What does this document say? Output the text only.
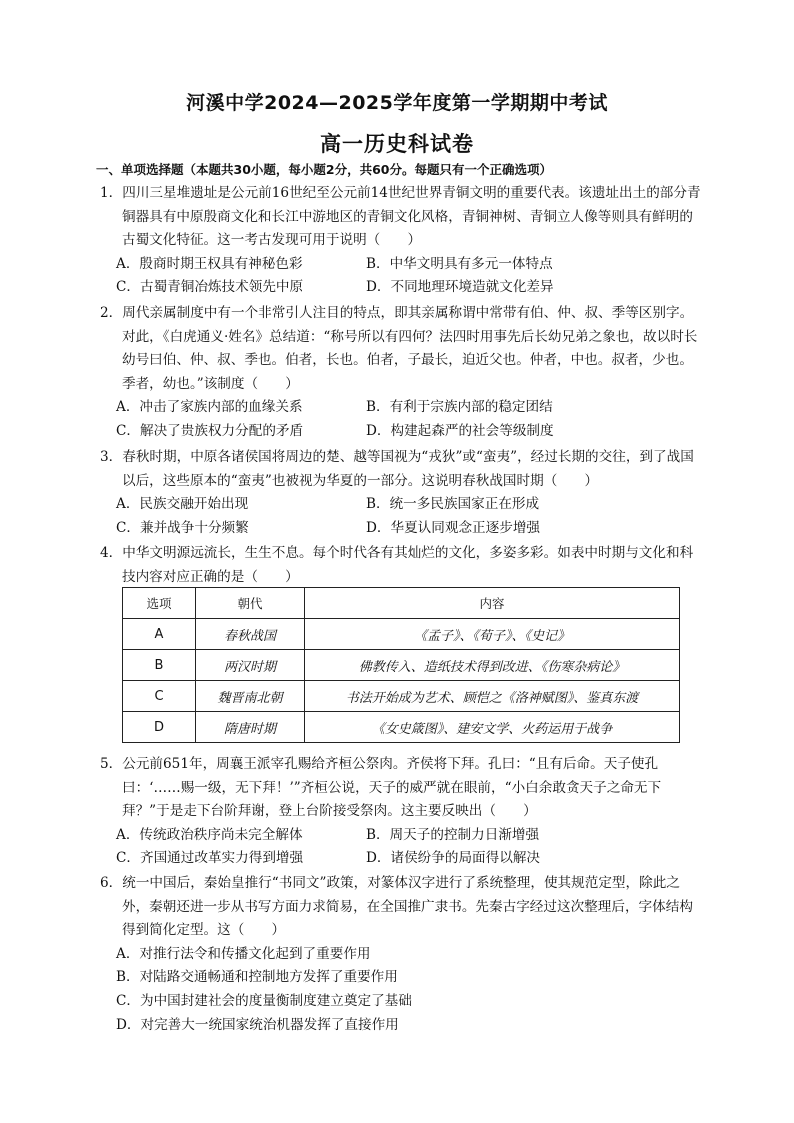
河溪中学2024—2025学年度第一学期期中考试
高一历史科试卷
一、单项选择题（本题共30小题，每小题2分，共60分。每题只有一个正确选项）

1．四川三星堆遗址是公元前16世纪至公元前14世纪世界青铜文明的重要代表。该遗址出土的部分青铜器具有中原殷商文化和长江中游地区的青铜文化风格，青铜神树、青铜立人像等则具有鲜明的古蜀文化特征。这一考古发现可用于说明（　　）

A．殷商时期王权具有神秘色彩	B．中华文明具有多元一体特点
C．古蜀青铜冶炼技术领先中原	D．不同地理环境造就文化差异

2．周代亲属制度中有一个非常引人注目的特点，即其亲属称谓中常带有伯、仲、叔、季等区别字。对此，《白虎通义·姓名》总结道：“称号所以有四何？法四时用事先后长幼兄弟之象也，故以时长幼号曰伯、仲、叔、季也。伯者，长也。伯者，子最长，迫近父也。仲者，中也。叔者，少也。季者，幼也。”该制度（　　）

A．冲击了家族内部的血缘关系	B．有利于宗族内部的稳定团结
C．解决了贵族权力分配的矛盾	D．构建起森严的社会等级制度

3．春秋时期，中原各诸侯国将周边的楚、越等国视为“戎狄”或“蛮夷”，经过长期的交往，到了战国以后，这些原本的“蛮夷”也被视为华夏的一部分。这说明春秋战国时期（　　）

A．民族交融开始出现	B．统一多民族国家正在形成
C．兼并战争十分频繁	D．华夏认同观念正逐步增强

4．中华文明源远流长，生生不息。每个时代各有其灿烂的文化，多姿多彩。如表中时期与文化和科技内容对应正确的是（　　）

选项	朝代	内容
A	春秋战国	《孟子》、《荀子》、《史记》
B	两汉时期	佛教传入、造纸技术得到改进、《伤寒杂病论》
C	魏晋南北朝	书法开始成为艺术、顾恺之《洛神赋图》、鉴真东渡
D	隋唐时期	《女史箴图》、建安文学、火药运用于战争

5．公元前651年，周襄王派宰孔赐给齐桓公祭肉。齐侯将下拜。孔曰：“且有后命。天子使孔曰：‘……赐一级，无下拜！’”齐桓公说，天子的威严就在眼前，“小白余敢贪天子之命无下拜？”于是走下台阶拜谢，登上台阶接受祭肉。这主要反映出（　　）

A．传统政治秩序尚未完全解体	B．周天子的控制力日渐增强
C．齐国通过改革实力得到增强	D．诸侯纷争的局面得以解决

6．统一中国后，秦始皇推行“书同文”政策，对篆体汉字进行了系统整理，使其规范定型，除此之外，秦朝还进一步从书写方面力求简易，在全国推广隶书。先秦古字经过这次整理后，字体结构得到简化定型。这（　　）

A．对推行法令和传播文化起到了重要作用
B．对陆路交通畅通和控制地方发挥了重要作用
C．为中国封建社会的度量衡制度建立奠定了基础
D．对完善大一统国家统治机器发挥了直接作用
